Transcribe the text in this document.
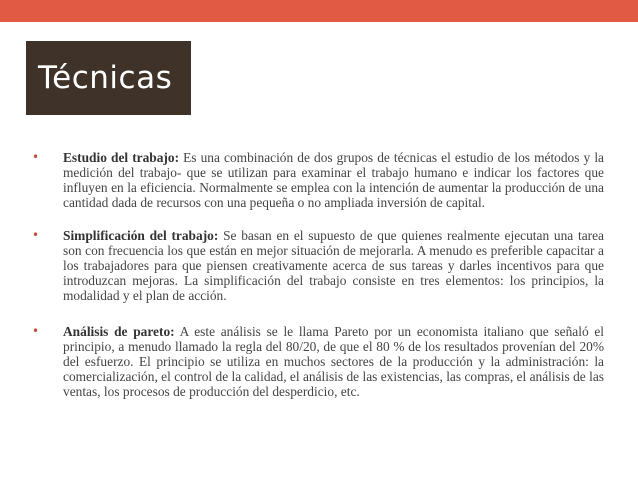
Técnicas
• Estudio del trabajo: Es una combinación de dos grupos de técnicas el estudio de los métodos y la medición del trabajo- que se utilizan para examinar el trabajo humano e indicar los factores que influyen en la eficiencia. Normalmente se emplea con la intención de aumentar la producción de una cantidad dada de recursos con una pequeña o no ampliada inversión de capital.
• Simplificación del trabajo: Se basan en el supuesto de que quienes realmente ejecutan una tarea son con frecuencia los que están en mejor situación de mejorarla. A menudo es preferible capacitar a los trabajadores para que piensen creativamente acerca de sus tareas y darles incentivos para que introduzcan mejoras. La simplificación del trabajo consiste en tres elementos: los principios, la modalidad y el plan de acción.
• Análisis de pareto: A este análisis se le llama Pareto por un economista italiano que señaló el principio, a menudo llamado la regla del 80/20, de que el 80 % de los resultados provenían del 20% del esfuerzo. El principio se utiliza en muchos sectores de la producción y la administración: la comercialización, el control de la calidad, el análisis de las existencias, las compras, el análisis de las ventas, los procesos de producción del desperdicio, etc.
